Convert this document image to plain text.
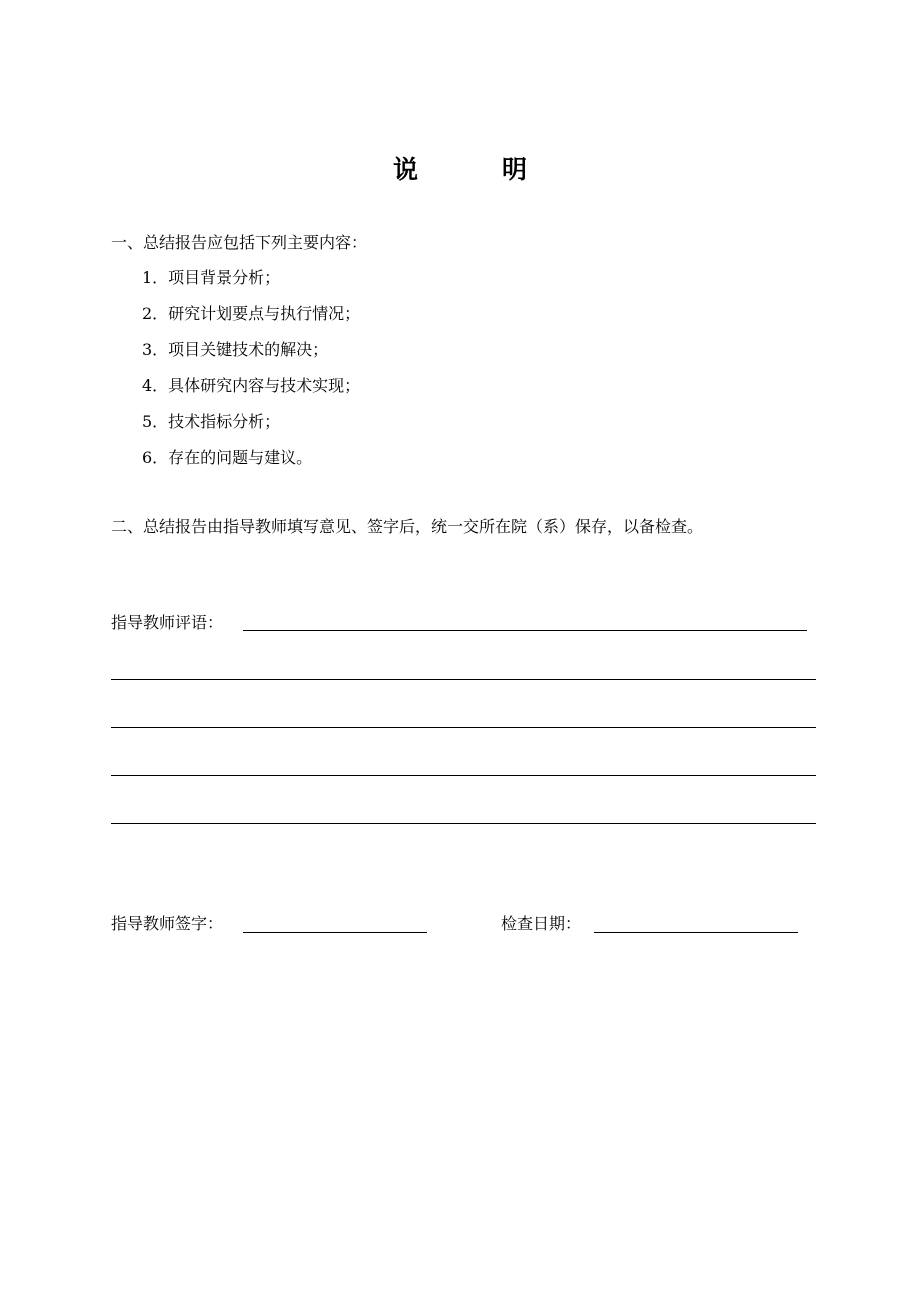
说	明
一、总结报告应包括下列主要内容：
1．项目背景分析；
2．研究计划要点与执行情况；
3．项目关键技术的解决；
4．具体研究内容与技术实现；
5．技术指标分析；
6．存在的问题与建议。
二、总结报告由指导教师填写意见、签字后，统一交所在院（系）保存，以备检查。
指导教师评语：
指导教师签字：	检查日期：
